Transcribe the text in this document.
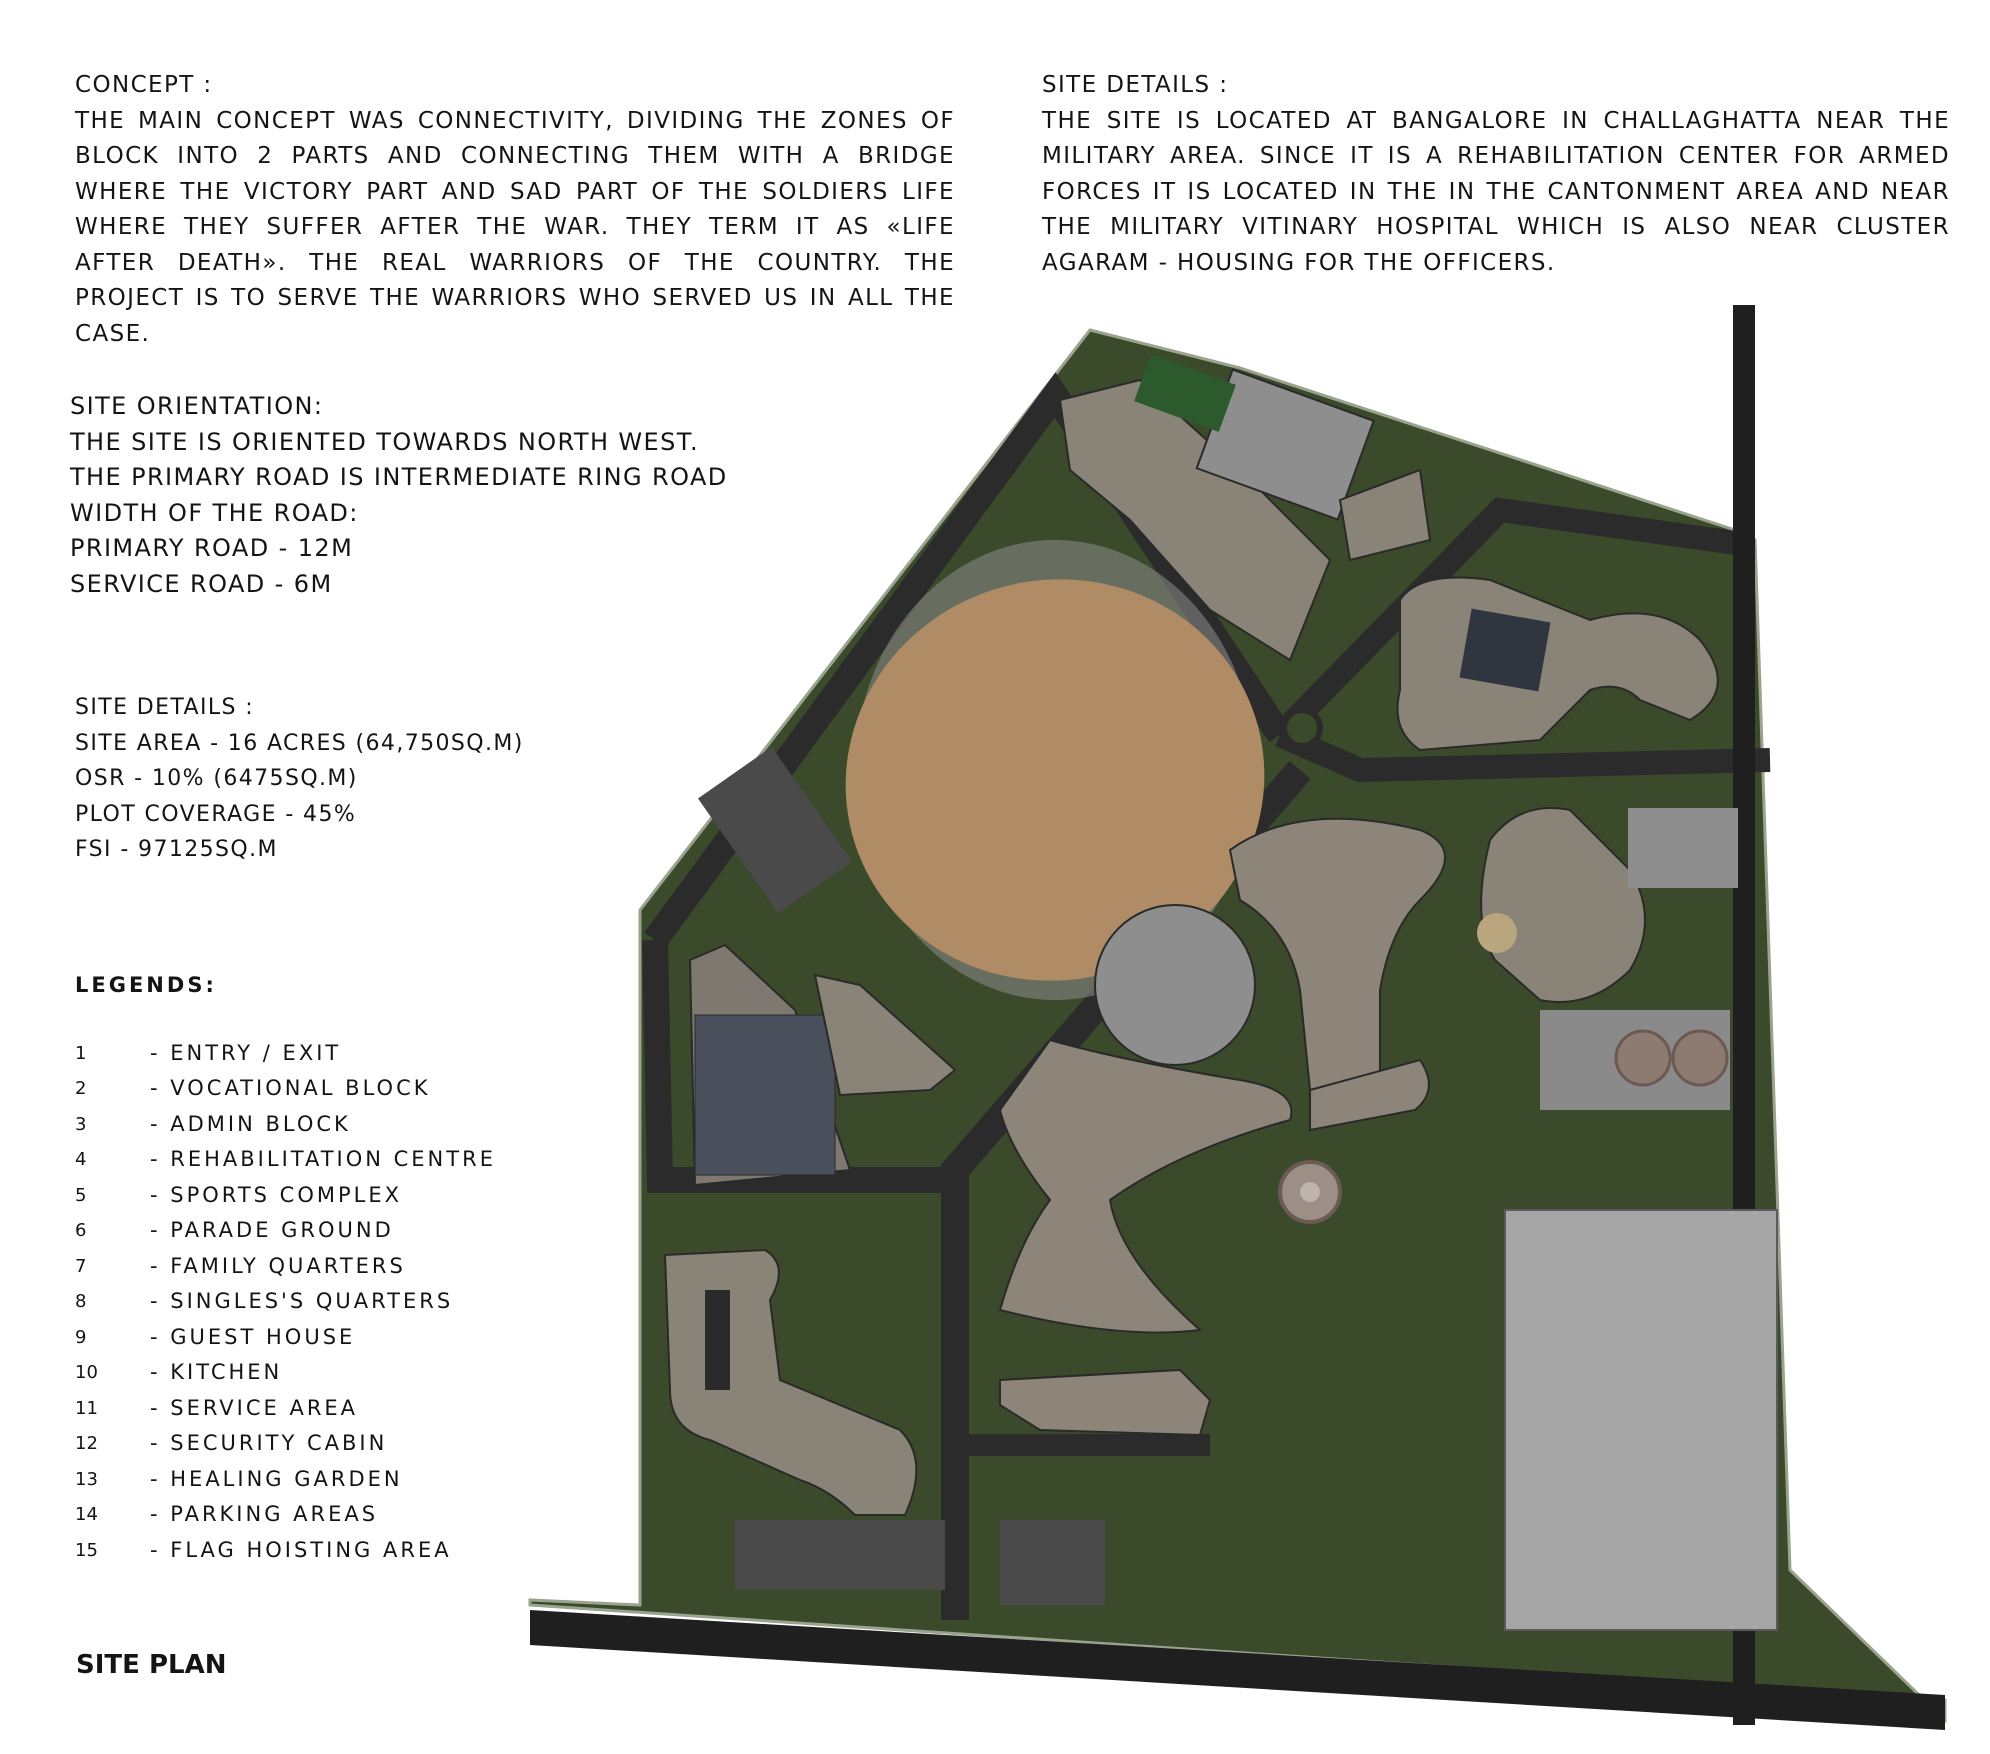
CONCEPT :
THE MAIN CONCEPT WAS CONNECTIVITY, DIVIDING THE ZONES OF BLOCK INTO 2 PARTS AND CONNECTING THEM WITH A BRIDGE WHERE THE VICTORY PART AND SAD PART OF THE SOLDIERS LIFE WHERE THEY SUFFER AFTER THE WAR. THEY TERM IT AS «LIFE AFTER DEATH». THE REAL WARRIORS OF THE COUNTRY. THE PROJECT IS TO SERVE THE WARRIORS WHO SERVED US IN ALL THE CASE.
SITE DETAILS :
THE SITE IS LOCATED AT BANGALORE IN CHALLAGHATTA NEAR THE MILITARY AREA. SINCE IT IS A REHABILITATION CENTER FOR ARMED FORCES IT IS LOCATED IN THE IN THE CANTONMENT AREA AND NEAR THE MILITARY VITINARY HOSPITAL WHICH IS ALSO NEAR CLUSTER AGARAM - HOUSING FOR THE OFFICERS.
SITE ORIENTATION:
THE SITE IS ORIENTED TOWARDS NORTH WEST.
THE PRIMARY ROAD IS INTERMEDIATE RING ROAD
WIDTH OF THE ROAD:
PRIMARY ROAD - 12M
SERVICE ROAD - 6M
SITE DETAILS :
SITE AREA - 16 ACRES (64,750SQ.M)
OSR - 10% (6475SQ.M)
PLOT COVERAGE - 45%
FSI - 97125SQ.M
LEGENDS:
1	- ENTRY / EXIT
2	- VOCATIONAL BLOCK
3	- ADMIN BLOCK
4	- REHABILITATION CENTRE
5	- SPORTS COMPLEX
6	- PARADE GROUND
7	- FAMILY QUARTERS
8	- SINGLES'S QUARTERS
9	- GUEST HOUSE
10	- KITCHEN
11	- SERVICE AREA
12	- SECURITY CABIN
13	- HEALING GARDEN
14	- PARKING AREAS
15	- FLAG HOISTING AREA
SITE PLAN
